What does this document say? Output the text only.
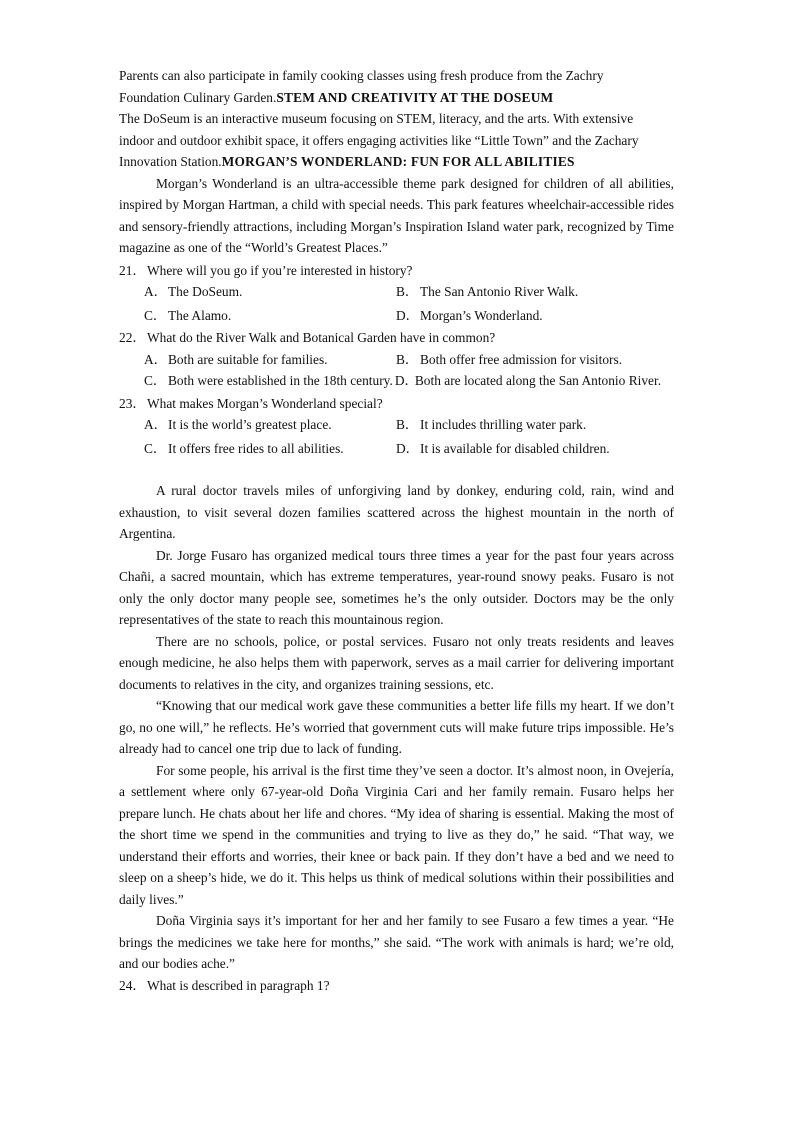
Parents can also participate in family cooking classes using fresh produce from the Zachry
Foundation Culinary Garden.STEM AND CREATIVITY AT THE DOSEUM
The DoSeum is an interactive museum focusing on STEM, literacy, and the arts. With extensive
indoor and outdoor exhibit space, it offers engaging activities like “Little Town” and the Zachary
Innovation Station.MORGAN’S WONDERLAND: FUN FOR ALL ABILITIES
Morgan’s Wonderland is an ultra-accessible theme park designed for children of all abilities, inspired by Morgan Hartman, a child with special needs. This park features wheelchair-accessible rides and sensory-friendly attractions, including Morgan’s Inspiration Island water park, recognized by Time magazine as one of the “World’s Greatest Places.”
21．Where will you go if you’re interested in history?
A．The DoSeum.	B． The San Antonio River Walk.
C． The Alamo.	D．Morgan’s Wonderland.
22．What do the River Walk and Botanical Garden have in common?
A．Both are suitable for families.	B． Both offer free admission for visitors.
C． Both were established in the 18th century. D．Both are located along the San Antonio River.
23．What makes Morgan’s Wonderland special?
A．It is the world’s greatest place.	B． It includes thrilling water park.
C． It offers free rides to all abilities.	D．It is available for disabled children.
A rural doctor travels miles of unforgiving land by donkey, enduring cold, rain, wind and exhaustion, to visit several dozen families scattered across the highest mountain in the north of Argentina.
Dr. Jorge Fusaro has organized medical tours three times a year for the past four years across Chañi, a sacred mountain, which has extreme temperatures, year-round snowy peaks. Fusaro is not only the only doctor many people see, sometimes he’s the only outsider. Doctors may be the only representatives of the state to reach this mountainous region.
There are no schools, police, or postal services. Fusaro not only treats residents and leaves enough medicine, he also helps them with paperwork, serves as a mail carrier for delivering important documents to relatives in the city, and organizes training sessions, etc.
“Knowing that our medical work gave these communities a better life fills my heart. If we don’t go, no one will,” he reflects. He’s worried that government cuts will make future trips impossible. He’s already had to cancel one trip due to lack of funding.
For some people, his arrival is the first time they’ve seen a doctor. It’s almost noon, in Ovejería, a settlement where only 67-year-old Doña Virginia Cari and her family remain. Fusaro helps her prepare lunch. He chats about her life and chores. “My idea of sharing is essential. Making the most of the short time we spend in the communities and trying to live as they do,” he said. “That way, we understand their efforts and worries, their knee or back pain. If they don’t have a bed and we need to sleep on a sheep’s hide, we do it. This helps us think of medical solutions within their possibilities and daily lives.”
Doña Virginia says it’s important for her and her family to see Fusaro a few times a year. “He brings the medicines we take here for months,” she said. “The work with animals is hard; we’re old, and our bodies ache.”
24．What is described in paragraph 1?
